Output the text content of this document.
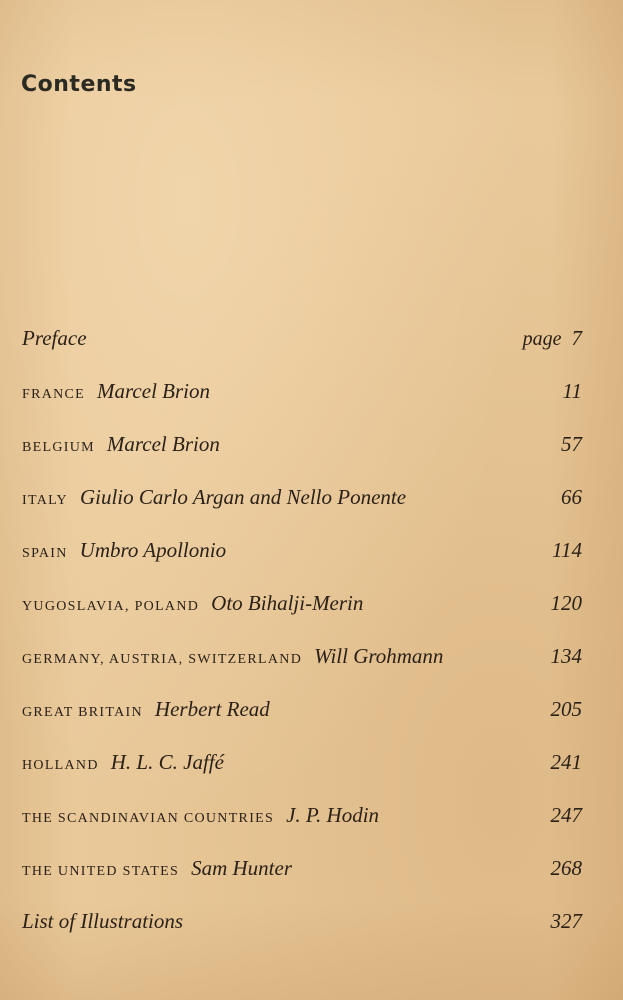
Contents
Preface	page 7
FRANCE Marcel Brion	11
BELGIUM Marcel Brion	57
ITALY Giulio Carlo Argan and Nello Ponente	66
SPAIN Umbro Apollonio	114
YUGOSLAVIA, POLAND Oto Bihalji-Merin	120
GERMANY, AUSTRIA, SWITZERLAND Will Grohmann	134
GREAT BRITAIN Herbert Read	205
HOLLAND H. L. C. Jaffé	241
THE SCANDINAVIAN COUNTRIES J. P. Hodin	247
THE UNITED STATES Sam Hunter	268
List of Illustrations	327
